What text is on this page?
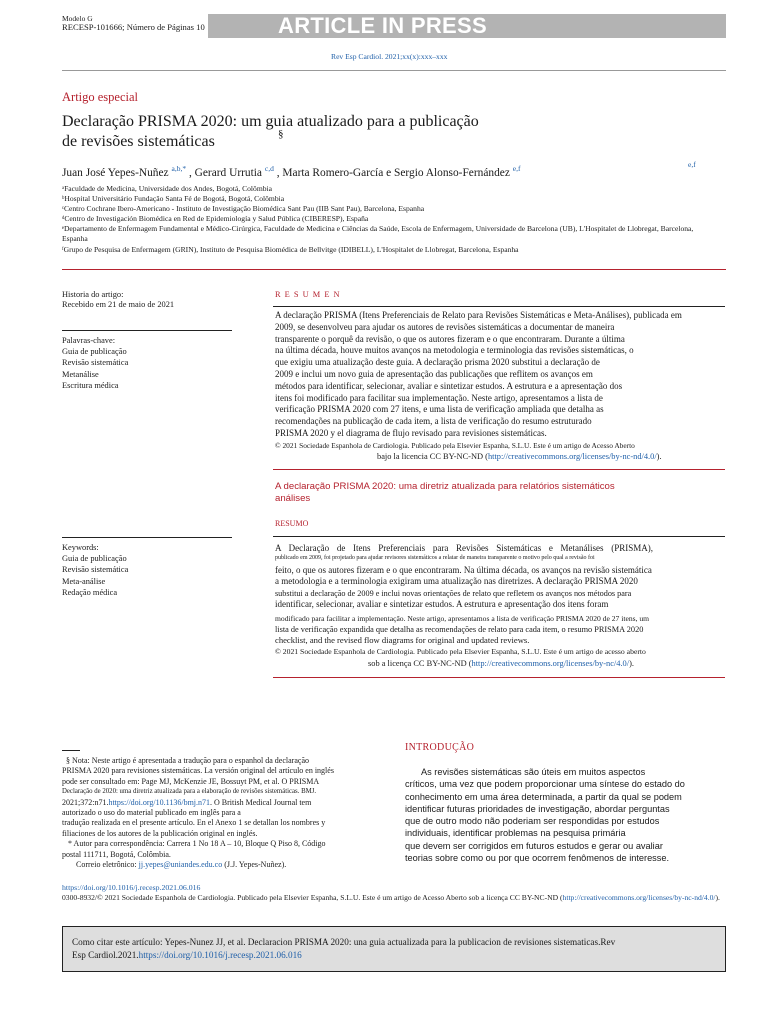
Modelo G
RECESP-101666; Número de Páginas 10	ARTICLE IN PRESS
Rev Esp Cardiol. 2021;xx(x):xxx–xxx
Artigo especial
Declaração PRISMA 2020: um guia atualizado para a publicação
de revisões sistemáticas	§
Juan José Yepes-Nuñez $^{a,b,*}$ , Gerard Urrutia $^{c,d}$ , Marta Romero-García e Sergio Alonso-Fernández $^{e,f}$	e,f
ᵃFaculdade de Medicina, Universidade dos Andes, Bogotá, Colômbia
ᵇHospital Universitário Fundação Santa Fé de Bogotá, Bogotá, Colômbia
ᶜCentro Cochrane Ibero-Americano - Instituto de Investigação Biomédica Sant Pau (IIB Sant Pau), Barcelona, Espanha
ᵈCentro de Investigación Biomédica en Red de Epidemiología y Salud Pública (CIBERESP), España
ᵉDepartamento de Enfermagem Fundamental e Médico-Cirúrgica, Faculdade de Medicina e Ciências da Saúde, Escola de Enfermagem, Universidade de Barcelona (UB), L'Hospitalet de Llobregat, Barcelona, Espanha
ᶠGrupo de Pesquisa de Enfermagem (GRIN), Instituto de Pesquisa Biomédica de Bellvitge (IDIBELL), L'Hospitalet de Llobregat, Barcelona, Espanha
Historia do artigo:
Recebido em 21 de maio de 2021
Palavras-chave:
Guia de publicação
Revisão sistemática
Metanálise
Escritura médica
Keywords:
Guia de publicação
Revisão sistemática
Meta-análise
Redação médica
R E S U M E N
A declaração PRISMA (Itens Preferenciais de Relato para Revisões Sistemáticas e Meta-Análises), publicada em
2009, se desenvolveu para ajudar os autores de revisões sistemáticas a documentar de maneira
transparente o porquê da revisão, o que os autores fizeram e o que encontraram. Durante a última
na última década, houve muitos avanços na metodologia e terminologia das revisões sistemáticas, o
que exigiu uma atualização deste guia. A declaração prisma 2020 substitui a declaração de
2009 e inclui um novo guia de apresentação das publicações que reflitem os avanços em
métodos para identificar, selecionar, avaliar e sintetizar estudos. A estrutura e a apresentação dos
itens foi modificado para facilitar sua implementação. Neste artigo, apresentamos a lista de
verificação PRISMA 2020 com 27 itens, e uma lista de verificação ampliada que detalha as
recomendações na publicação de cada item, a lista de verificação do resumo estruturado
PRISMA 2020 y el diagrama de flujo revisado para revisiones sistemáticas.
© 2021 Sociedade Espanhola de Cardiologia. Publicado pela Elsevier Espanha, S.L.U. Este é um artigo de Acesso Aberto
bajo la licencia CC BY-NC-ND (http://creativecommons.org/licenses/by-nc-nd/4.0/).
A declaração PRISMA 2020: uma diretriz atualizada para relatórios sistemáticos
análises
RESUMO
A Declaração de Itens Preferenciais para Revisões Sistemáticas e Metanálises (PRISMA),
publicado em 2009, foi projetado para ajudar revisores sistemáticos a relatar de maneira transparente o motivo pelo qual a revisão foi
feito, o que os autores fizeram e o que encontraram. Na última década, os avanços na revisão sistemática
a metodologia e a terminologia exigiram uma atualização nas diretrizes. A declaração PRISMA 2020
substitui a declaração de 2009 e inclui novas orientações de relato que refletem os avanços nos métodos para
identificar, selecionar, avaliar e sintetizar estudos. A estrutura e apresentação dos itens foram
modificado para facilitar a implementação. Neste artigo, apresentamos a lista de verificação PRISMA 2020 de 27 itens, um
lista de verificação expandida que detalha as recomendações de relato para cada item, o resumo PRISMA 2020
checklist, and the revised flow diagrams for original and updated reviews.
© 2021 Sociedade Espanhola de Cardiologia. Publicado pela Elsevier Espanha, S.L.U. Este é um artigo de acesso aberto
sob a licença CC BY-NC-ND (http://creativecommons.org/licenses/by-nc/4.0/).
§ Nota: Neste artigo é apresentada a tradução para o espanhol da declaração
PRISMA 2020 para revisiones sistemáticas. La versión original del artículo en inglés
pode ser consultado em: Page MJ, McKenzie JE, Bossuyt PM, et al. O PRISMA
Declaração de 2020: uma diretriz atualizada para a elaboração de revisões sistemáticas. BMJ.
2021;372:n71.https://doi.org/10.1136/bmj.n71. O British Medical Journal tem
autorizado o uso do material publicado em inglês para a
tradução realizada en el presente artículo. En el Anexo 1 se detallan los nombres y
filiaciones de los autores de la publicación original en inglés.
* Autor para correspondência: Carrera 1 No 18 A – 10, Bloque Q Piso 8, Código
postal 111711, Bogotá, Colômbia.
Correio eletrônico: jj.yepes@uniandes.edu.co (J.J. Yepes-Nuñez).
INTRODUÇÃO
As revisões sistemáticas são úteis em muitos aspectos
críticos, uma vez que podem proporcionar uma síntese do estado do
conhecimento em uma área determinada, a partir da qual se podem
identificar futuras prioridades de investigação, abordar perguntas
que de outro modo não poderiam ser respondidas por estudos
individuais, identificar problemas na pesquisa primária
que devem ser corrigidos em futuros estudos e gerar ou avaliar
teorias sobre como ou por que ocorrem fenômenos de interesse.
https://doi.org/10.1016/j.recesp.2021.06.016
0300-8932/© 2021 Sociedade Espanhola de Cardiologia. Publicado pela Elsevier Espanha, S.L.U. Este é um artigo de Acesso Aberto sob a licença CC BY-NC-ND (http://creativecommons.org/licenses/by-nc-nd/4.0/).
Como citar este artículo: Yepes-Nunez JJ, et al. Declaracion PRISMA 2020: una guia actualizada para la publicacion de revisiones sistematicas.Rev
Esp Cardiol.2021.https://doi.org/10.1016/j.recesp.2021.06.016
